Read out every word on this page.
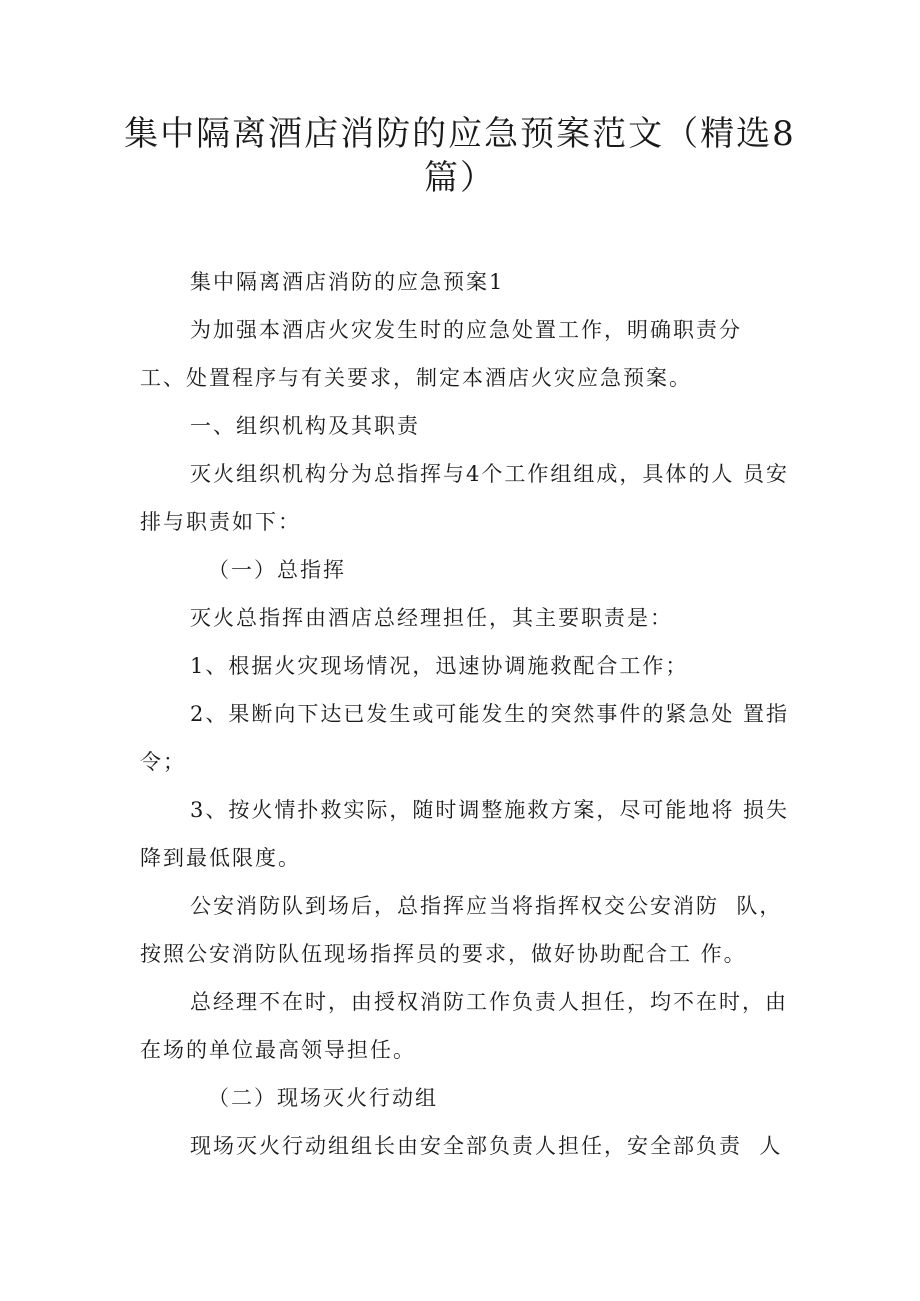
集中隔离酒店消防的应急预案范文（精选8
篇）

集中隔离酒店消防的应急预案1

为加强本酒店火灾发生时的应急处置工作，明确职责分  工、处置程序与有关要求，制定本酒店火灾应急预案。

一、组织机构及其职责

灭火组织机构分为总指挥与4个工作组组成，具体的人 员安排与职责如下：

（一）总指挥

灭火总指挥由酒店总经理担任，其主要职责是：

1、根据火灾现场情况，迅速协调施救配合工作；

2、果断向下达已发生或可能发生的突然事件的紧急处 置指令；

3、按火情扑救实际，随时调整施救方案，尽可能地将 损失降到最低限度。

公安消防队到场后，总指挥应当将指挥权交公安消防  队，按照公安消防队伍现场指挥员的要求，做好协助配合工 作。

总经理不在时，由授权消防工作负责人担任，均不在时，由在场的单位最高领导担任。

（二）现场灭火行动组

现场灭火行动组组长由安全部负责人担任，安全部负责  人
